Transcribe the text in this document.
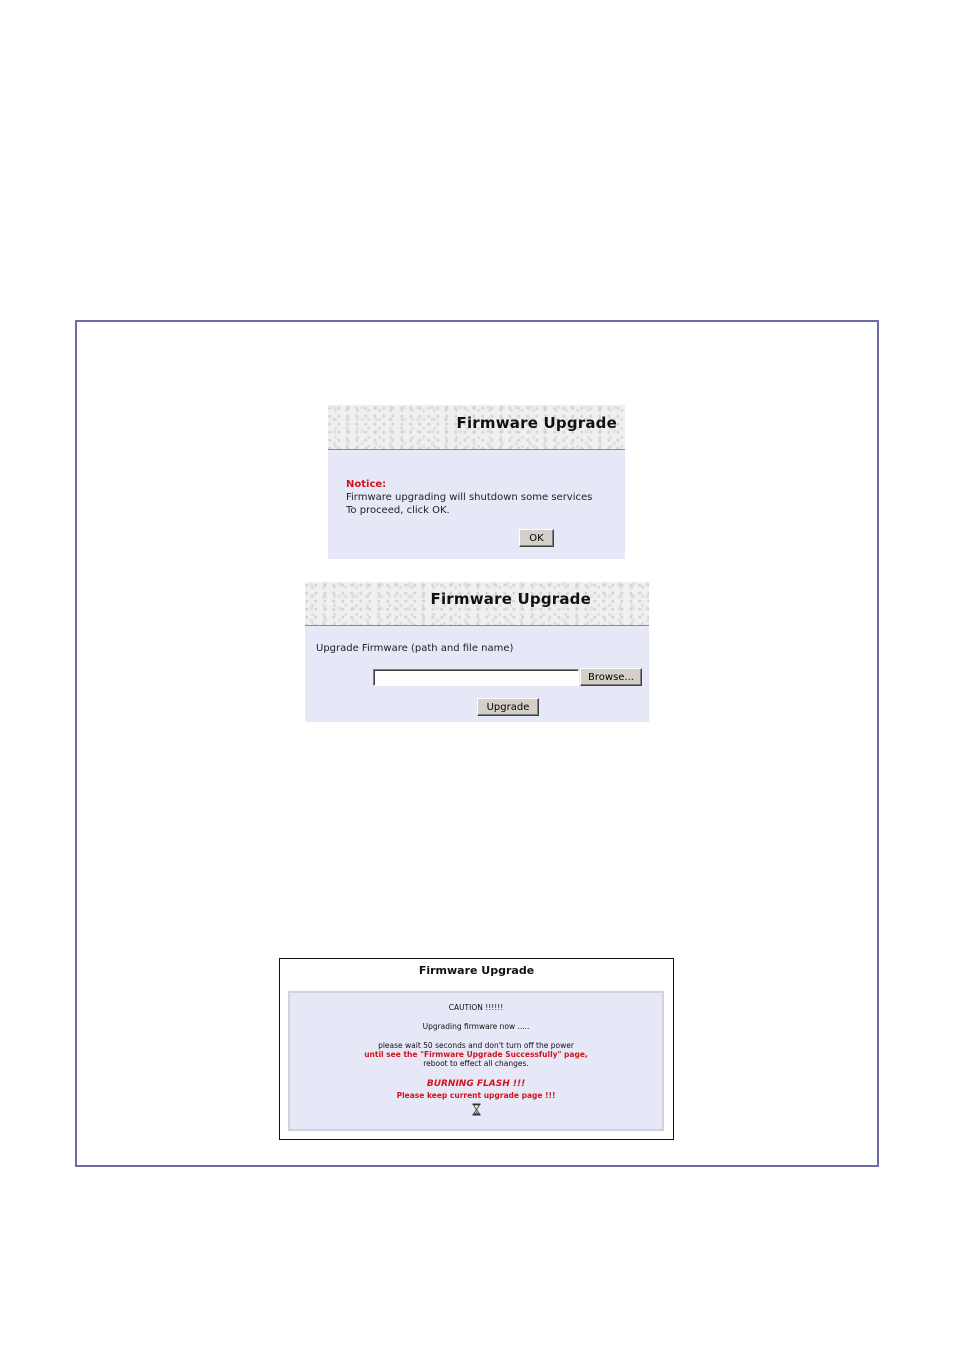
Firmware Upgrade
Notice:
Firmware upgrading will shutdown some services
To proceed, click OK.
OK
Firmware Upgrade
Upgrade Firmware (path and file name)
Browse...
Upgrade
Firmware Upgrade
CAUTION !!!!!!
Upgrading firmware now .....
please wait 50 seconds and don't turn off the power
until see the "Firmware Upgrade Successfully" page,
reboot to effect all changes.
BURNING FLASH !!!
Please keep current upgrade page !!!
